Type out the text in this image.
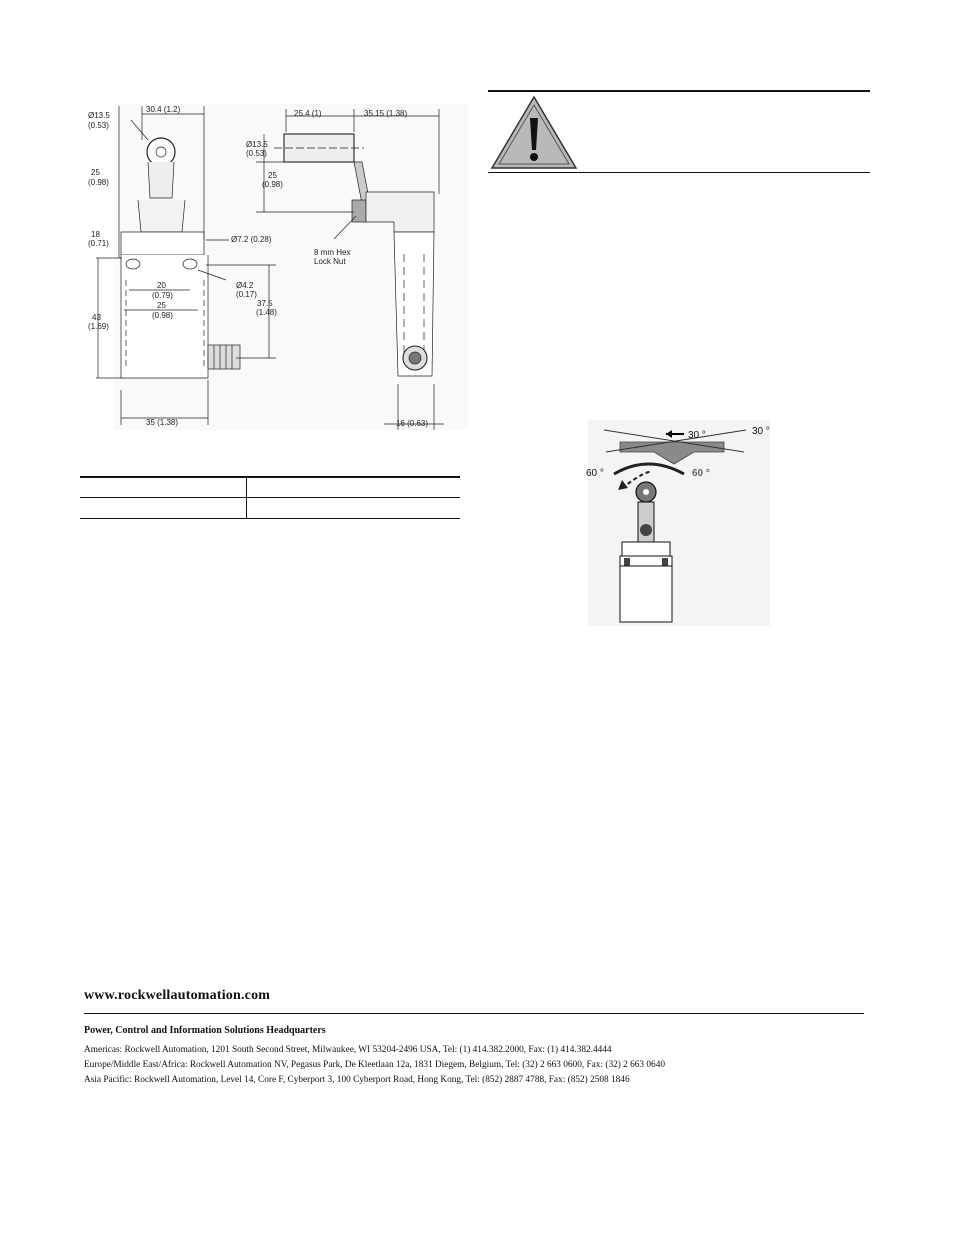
Ø13.5
(0.53)
30.4 (1.2)
25
(0.98)
18
(0.71)	Ø7.2 (0.28)
Ø4.2
(0.17)
20
(0.79)
25
(0.98)
43
(1.69)
37.5
(1.48)
35 (1.38)
25.4 (1)	35.15 (1.38)
Ø13.5
(0.53)
25
(0.98)
8 mm Hex
Lock Nut
16 (0.63)
30 °	30 °
60 °	60 °
www.rockwellautomation.com
Power, Control and Information Solutions Headquarters
Americas: Rockwell Automation, 1201 South Second Street, Milwaukee, WI 53204-2496 USA, Tel: (1) 414.382.2000, Fax: (1) 414.382.4444
Europe/Middle East/Africa: Rockwell Automation NV, Pegasus Park, De Kleetlaan 12a, 1831 Diegem, Belgium, Tel: (32) 2 663 0600, Fax: (32) 2 663 0640
Asia Pacific: Rockwell Automation, Level 14, Core F, Cyberport 3, 100 Cyberport Road, Hong Kong, Tel: (852) 2887 4788, Fax: (852) 2508 1846
